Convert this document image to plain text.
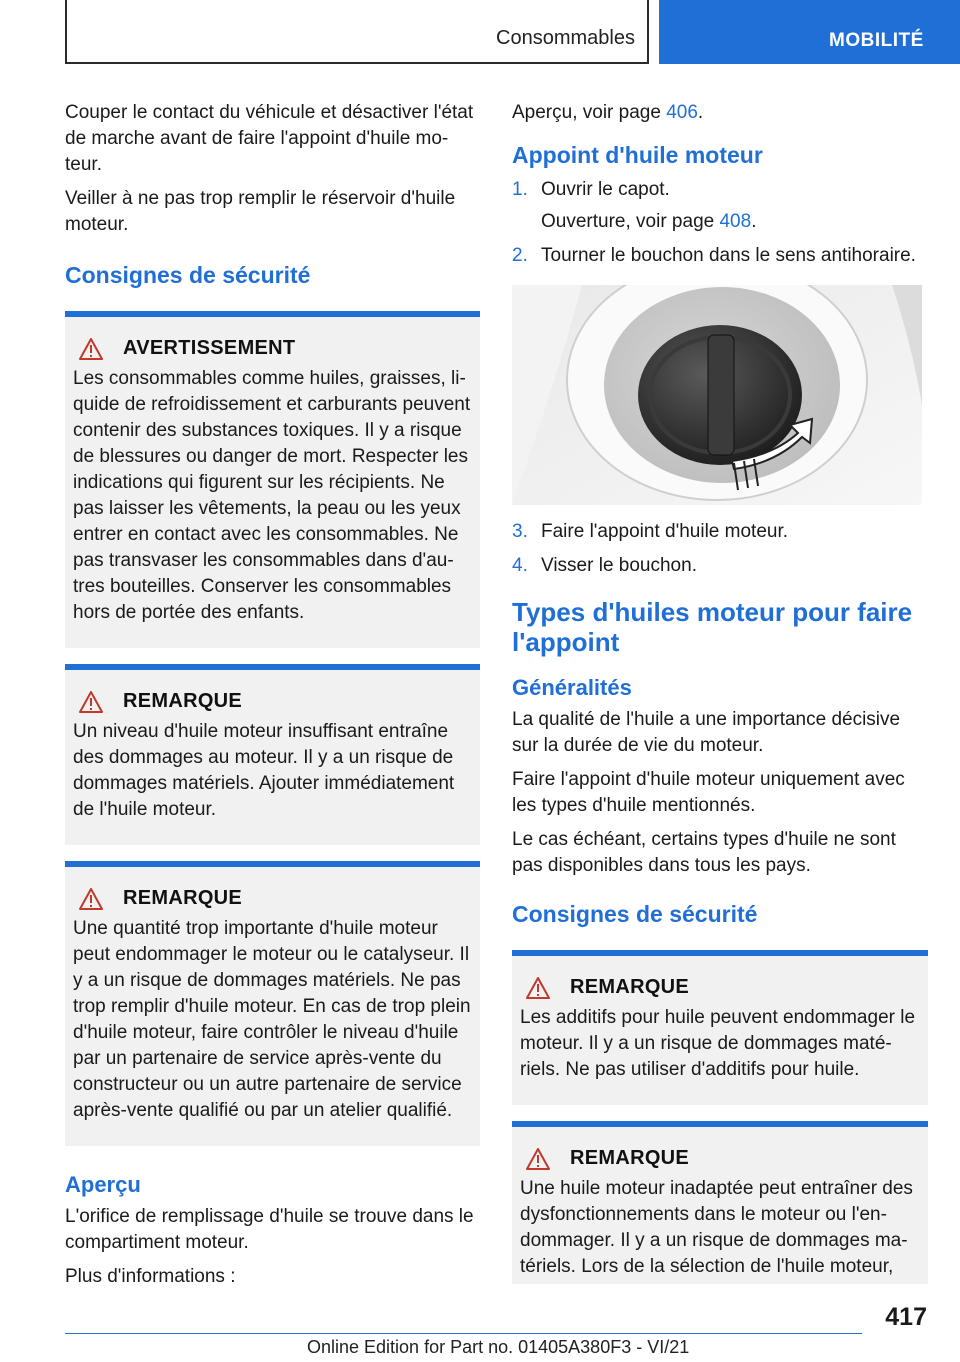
Consommables	MOBILITÉ

Couper le contact du véhicule et désactiver l'état de marche avant de faire l'appoint d'huile mo-teur.

Veiller à ne pas trop remplir le réservoir d'huile moteur.

Consignes de sécurité
AVERTISSEMENT

Les consommables comme huiles, graisses, li-quide de refroidissement et carburants peuvent contenir des substances toxiques. Il y a risque de blessures ou danger de mort. Respecter les indications qui figurent sur les récipients. Ne pas laisser les vêtements, la peau ou les yeux entrer en contact avec les consommables. Ne pas transvaser les consommables dans d'au-tres bouteilles. Conserver les consommables hors de portée des enfants.

REMARQUE

Un niveau d'huile moteur insuffisant entraîne des dommages au moteur. Il y a un risque de dommages matériels. Ajouter immédiatement de l'huile moteur.

REMARQUE

Une quantité trop importante d'huile moteur peut endommager le moteur ou le catalyseur. Il y a un risque de dommages matériels. Ne pas trop remplir d'huile moteur. En cas de trop plein d'huile moteur, faire contrôler le niveau d'huile par un partenaire de service après-vente du constructeur ou un autre partenaire de service après-vente qualifié ou par un atelier qualifié.

Aperçu

L'orifice de remplissage d'huile se trouve dans le compartiment moteur.

Plus d'informations :

Aperçu, voir page 406.

Appoint d'huile moteur
1. Ouvrir le capot.
Ouverture, voir page 408.
2. Tourner le bouchon dans le sens antihoraire.
3. Faire l'appoint d'huile moteur.
4. Visser le bouchon.
Types d'huiles moteur pour faire l'appoint
Généralités

La qualité de l'huile a une importance décisive sur la durée de vie du moteur.

Faire l'appoint d'huile moteur uniquement avec les types d'huile mentionnés.

Le cas échéant, certains types d'huile ne sont pas disponibles dans tous les pays.

Consignes de sécurité
REMARQUE

Les additifs pour huile peuvent endommager le moteur. Il y a un risque de dommages maté-riels. Ne pas utiliser d'additifs pour huile.

REMARQUE

Une huile moteur inadaptée peut entraîner des dysfonctionnements dans le moteur ou l'en-dommager. Il y a un risque de dommages ma-tériels. Lors de la sélection de l'huile moteur,

417
Online Edition for Part no. 01405A380F3 - VI/21
